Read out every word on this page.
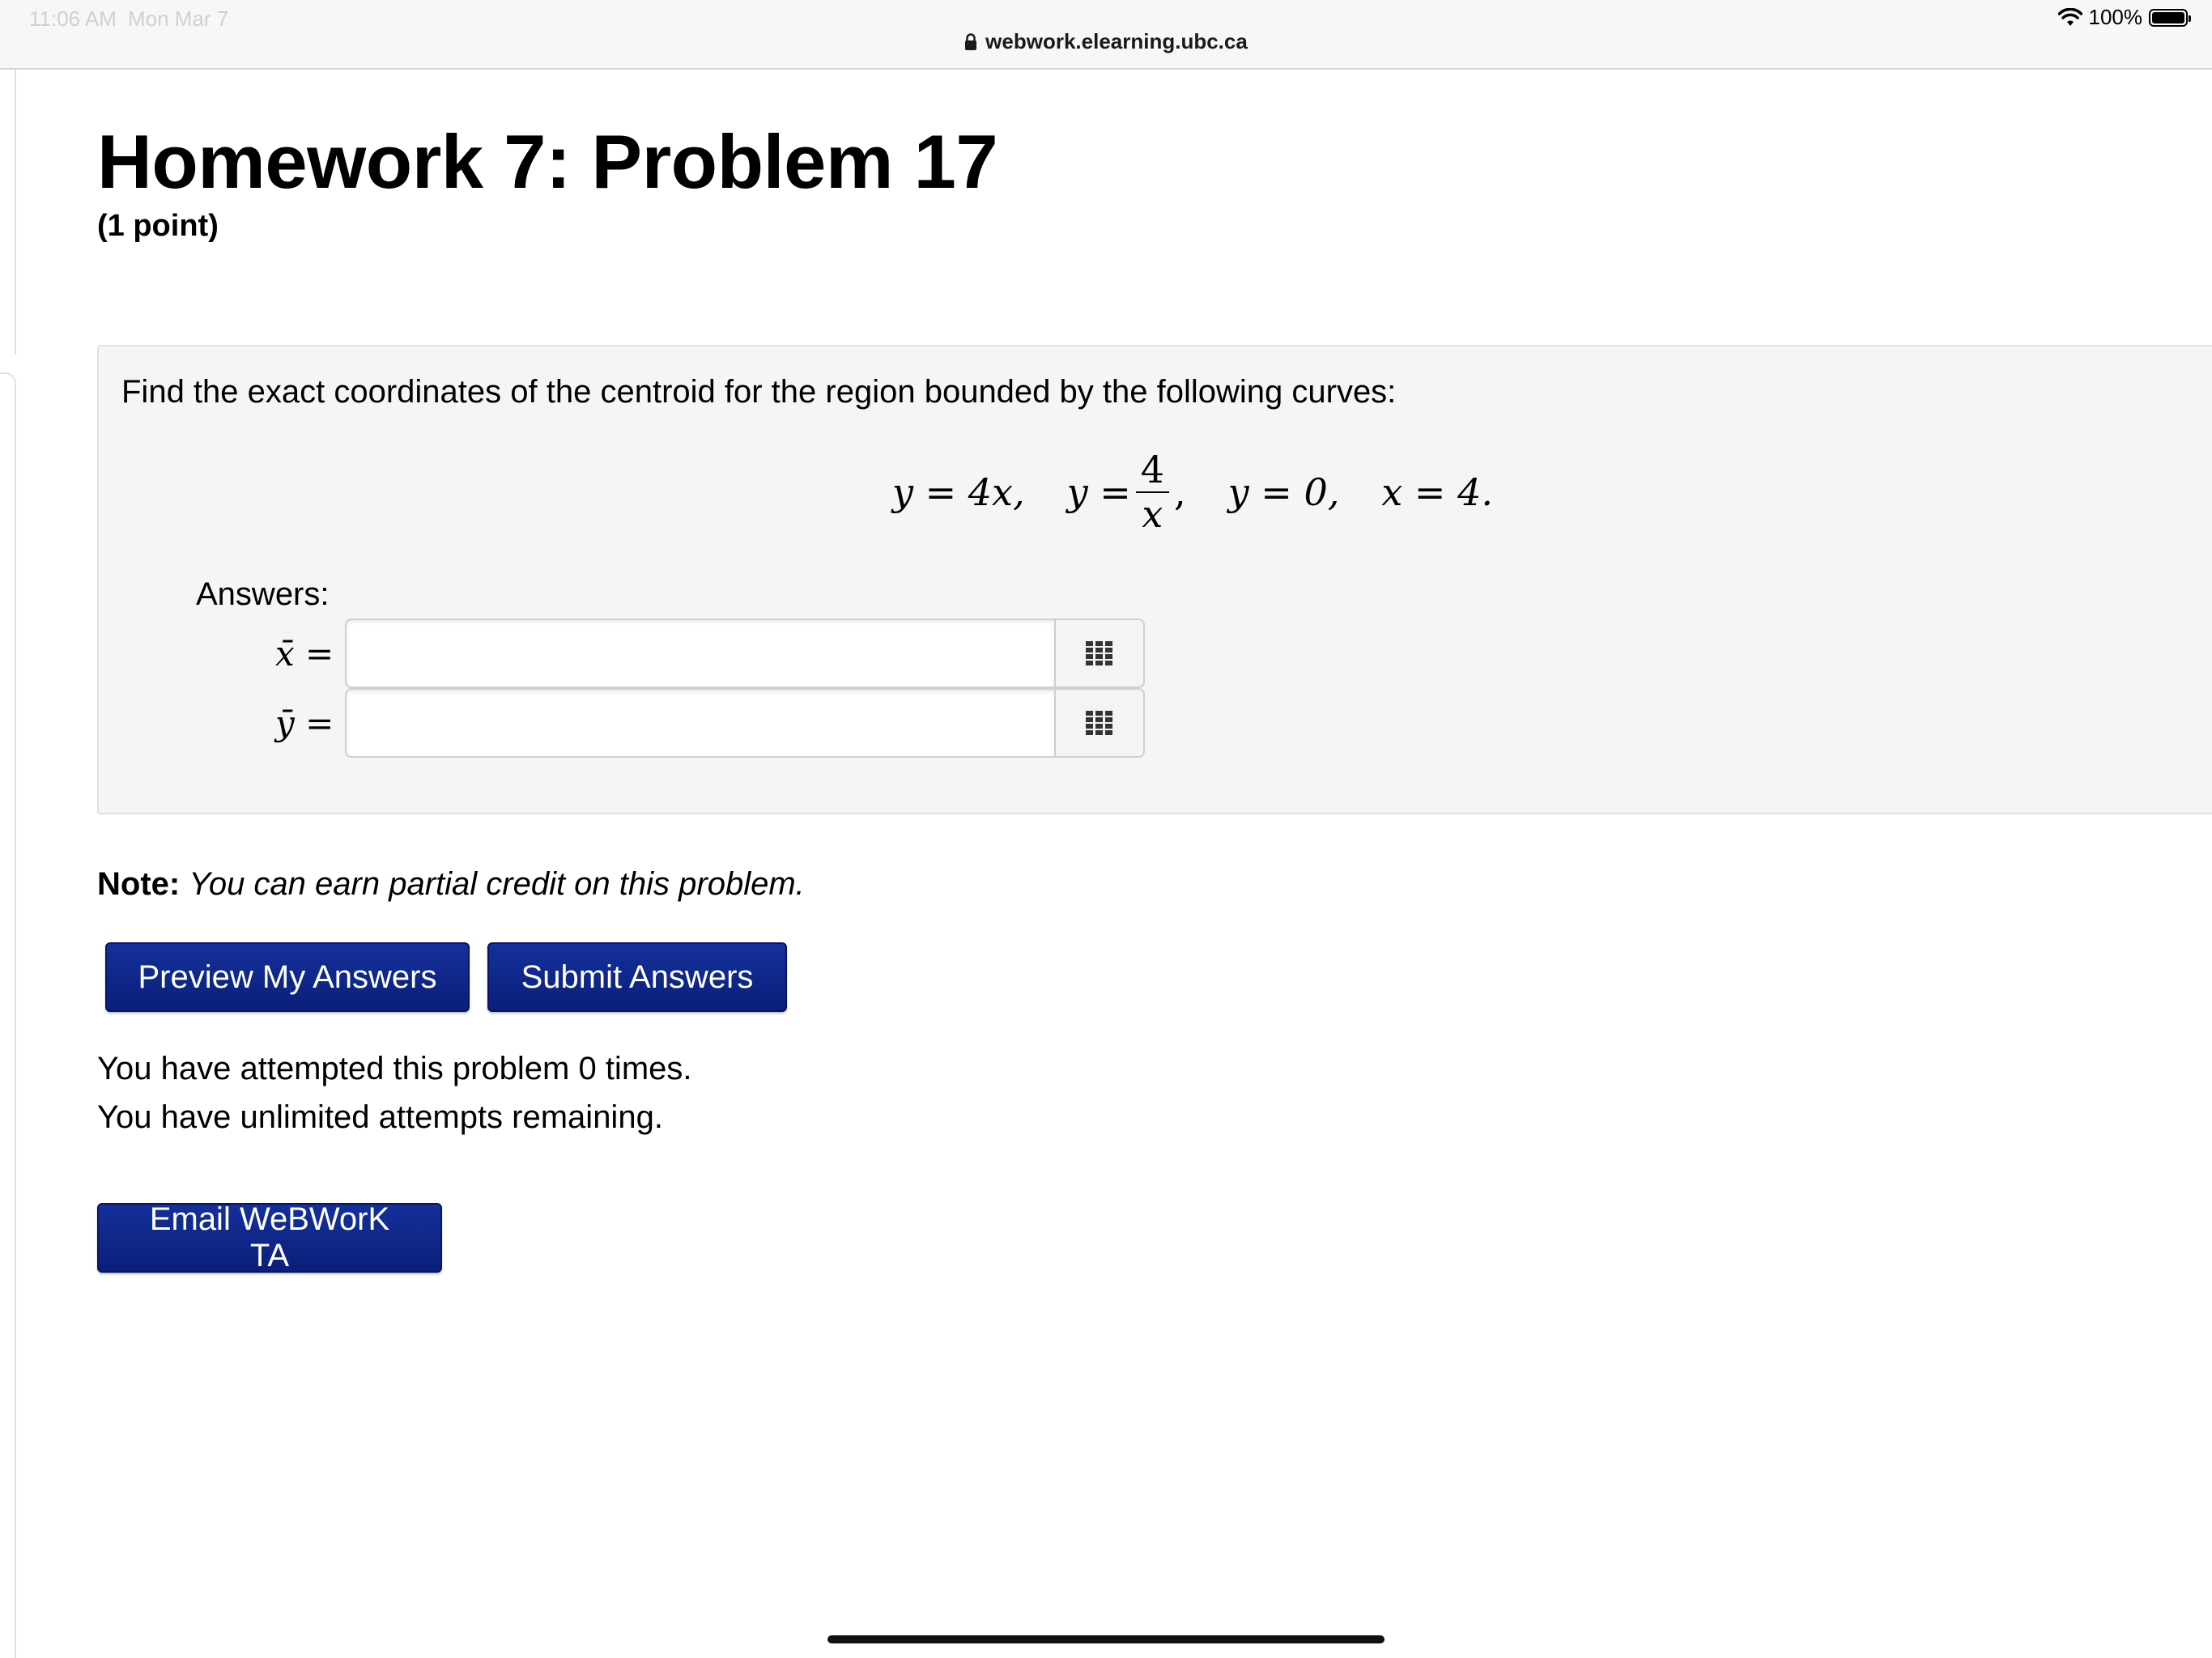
11:06 AM Mon Mar 7	100%
webwork.elearning.ubc.ca
Homework 7: Problem 17
(1 point)
Find the exact coordinates of the centroid for the region bounded by the following curves:
y = 4x, $y = \frac{4}{x}$ , y = 0, x = 4.
Answers:
x̄ =
ȳ =
Note: You can earn partial credit on this problem.
Preview My Answers	Submit Answers
You have attempted this problem 0 times.
You have unlimited attempts remaining.
Email WeBWorK TA
